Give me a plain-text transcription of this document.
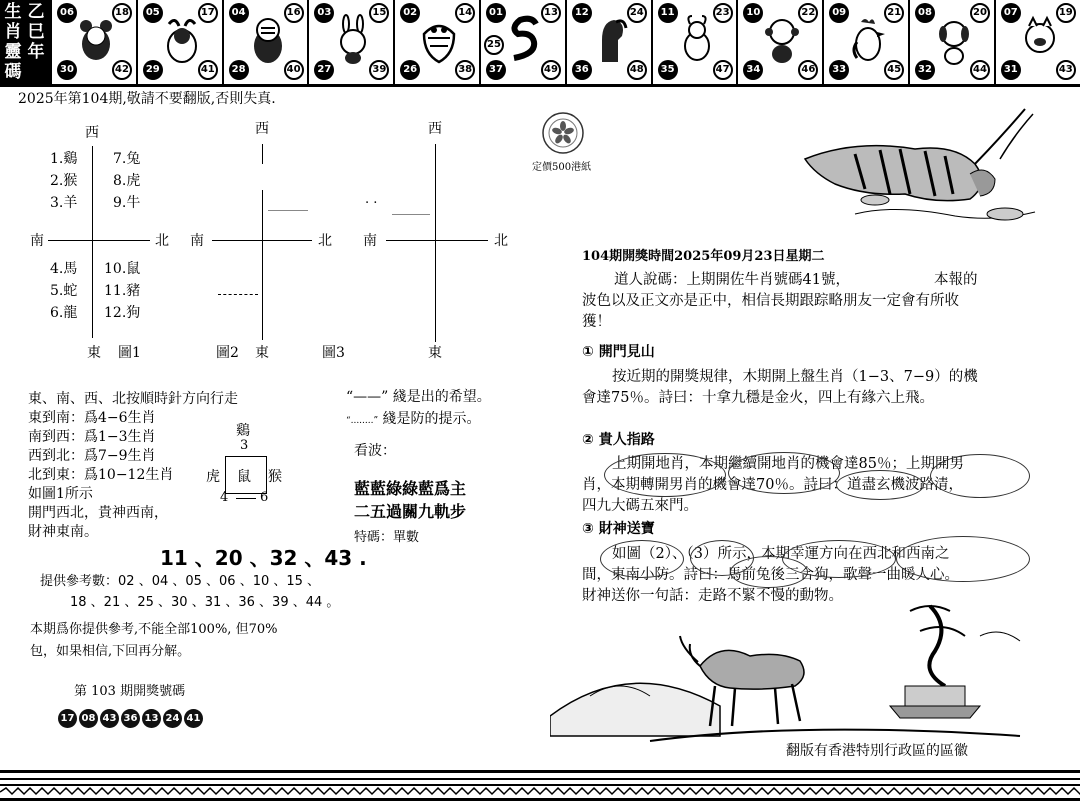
生肖靈碼
乙巳年
06	18
30	42
05	17
29	41
04	16
28	40
03	15
27	39
02	14
26	38
01	13
25
37	49
12	24
36	48
11	23
35	47
10	22
34	46
09	21
33	45
08	20
32	44
07	19
31	43
2025年第104期,敬請不要翻版,否則失真.
西
南	北
1.鷄
2.猴
3.羊
7.兔
8.虎
9.牛
4.馬
5.蛇
6.龍
10.鼠
11.豬
12.狗
東 圖1
西
南	北
圖2 東
西
. .
南	北
圖3	東
東、南、西、北按順時針方向行走
東到南：爲4−6生肖
南到西：爲1−3生肖
西到北：爲7−9生肖
北到東：爲10−12生肖
如圖1所示
開門西北，貴神西南，
財神東南。
鷄
3
虎 鼠 猴
4 6
“——” 綫是出的希望。
“........” 綫是防的提示。
看波：
藍藍綠綠藍爲主
二五過關九軌步
特碼：單數
11 、20 、32 、43 .
提供參考數：02 、04 、05 、06 、10 、15 、
18 、21 、25 、30 、31 、36 、39 、44 。
本期爲你提供參考,不能全部100%, 但70%
包，如果相信,下回再分解。
第 103 期開獎號碼
17 08 43 36 13 24 41
定價500港紙
104期開獎時間2025年09月23日星期二
道人說碼：上期開佐牛肖號碼41號，	本報的
波色以及正文亦是正中，相信長期跟踪略朋友一定會有所收
獲！
① 開門見山
按近期的開獎規律，木期開上盤生肖（1−3、7−9）的機
會達75％。詩曰：十拿九穩是金火，四上有緣六上飛。
② 貴人指路
上期開地肖，本期繼續開地肖的機會達85％；上期開男
肖，本期轉開男肖的機會達70％。詩曰：道盡玄機波路清，
四九大碼五來門。
③ 財神送寶
如圖（2）、（3）所示，本期幸運方向在西北和西南之
間，東南小防。詩曰：馬前兔後三合狗，歌聲一曲暖人心。
財神送你一句話：走路不緊不慢的動物。
翻版有香港特別行政區的區徽
